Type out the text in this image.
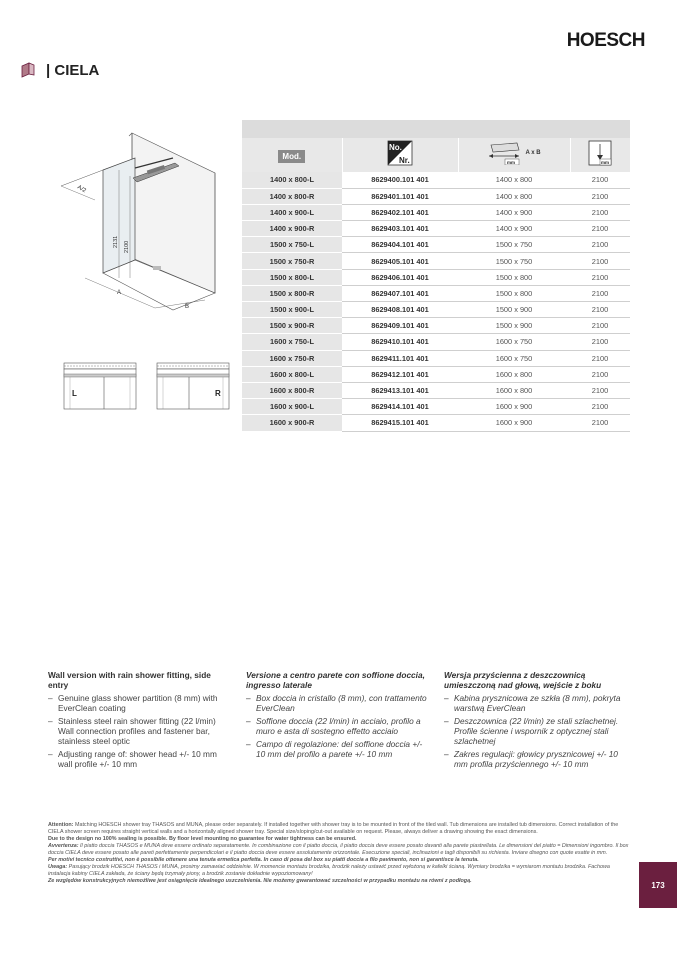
HOESCH
| CIELA
A/2
2131 2100
A
B
L	R
Mod.	No.
Nr.	mm
A x B	mm

1400 x 800-L	8629400.101 401	1400 x 800	2100
1400 x 800-R	8629401.101 401	1400 x 800	2100
1400 x 900-L	8629402.101 401	1400 x 900	2100
1400 x 900-R	8629403.101 401	1400 x 900	2100
1500 x 750-L	8629404.101 401	1500 x 750	2100
1500 x 750-R	8629405.101 401	1500 x 750	2100
1500 x 800-L	8629406.101 401	1500 x 800	2100
1500 x 800-R	8629407.101 401	1500 x 800	2100
1500 x 900-L	8629408.101 401	1500 x 900	2100
1500 x 900-R	8629409.101 401	1500 x 900	2100
1600 x 750-L	8629410.101 401	1600 x 750	2100
1600 x 750-R	8629411.101 401	1600 x 750	2100
1600 x 800-L	8629412.101 401	1600 x 800	2100
1600 x 800-R	8629413.101 401	1600 x 800	2100
1600 x 900-L	8629414.101 401	1600 x 900	2100
1600 x 900-R	8629415.101 401	1600 x 900	2100
Wall version with rain shower fitting, side entry
– Genuine glass shower partition (8 mm) with EverClean coating
– Stainless steel rain shower fitting (22 l/min) Wall connection profiles and fastener bar, stainless steel optic
– Adjusting range of: shower head +/- 10 mm wall profile +/- 10 mm
Versione a centro parete con soffione doccia, ingresso laterale
– Box doccia in cristallo (8 mm), con trattamento EverClean
– Soffione doccia (22 l/min) in acciaio, profilo a muro e asta di sostegno effetto acciaio
– Campo di regolazione: del soffione doccia +/- 10 mm del profilo a parete +/- 10 mm
Wersja przyścienna z deszczownicą umieszczoną nad głową, wejście z boku
– Kabina prysznicowa ze szkła (8 mm), pokryta warstwą EverClean
– Deszczownica (22 l/min) ze stali szlachetnej. Profile ścienne i wspornik z optycznej stali szlachetnej
– Zakres regulacji: głowicy prysznicowej +/- 10 mm profila przyściennego +/- 10 mm

Attention: Matching HOESCH shower tray THASOS and MUNA, please order separately. If installed together with shower tray is to be mounted in front of the tiled wall. Tub dimensions are installed tub dimensions. Correct installation of the CIELA shower screen requires straight vertical walls and a horizontally aligned shower tray. Special size/sloping/cut-out available on request. Please, always deliver a drawing showing the exact dimensions.

Due to the design no 100% sealing is possible. By floor level mounting no guarantee for water tightness can be ensured.

Avvertenza: Il piatto doccia THASOS e MUNA deve essere ordinato separatamente. In combinazione con il piatto doccia, il piatto doccia deve essere posato davanti alla parete piastrellata. Le dimensioni del piatto = Dimensioni ingombro. Il box doccia CIELA deve essere posato alle pareti perfettamente perpendicolari e il piatto doccia deve essere assolutamente orizzontale. Esecuzione speciali, inclinazioni e tagli disponibili su richiesta. Inviare disegno con quote esatte in mm.

Per motivi tecnico costruttivi, non è possibile ottenere una tenuta ermetica perfetta. In caso di posa del box su piatti doccia a filo pavimento, non si garantisce la tenuta.

Uwaga: Pasujący brodzik HOESCH THASOS i MUNA, prosimy zamawiać oddzielnie. W momencie montażu brodzika, brodzik należy ustawić przed wyłożoną w kafelki ścianą. Wymiary brodzika = wymiarom montażu brodzika. Fachowa instalacja kabiny CIELA zakłada, że ściany będą trzymały piony, a brodzik zostanie dokładnie wypoziomowany!

Ze względów konstrukcyjnych niemożliwe jest osiągnięcie idealnego uszczelnienia. Nie możemy gwarantować szczelności w przypadku montażu na równi z podłogą.	173
